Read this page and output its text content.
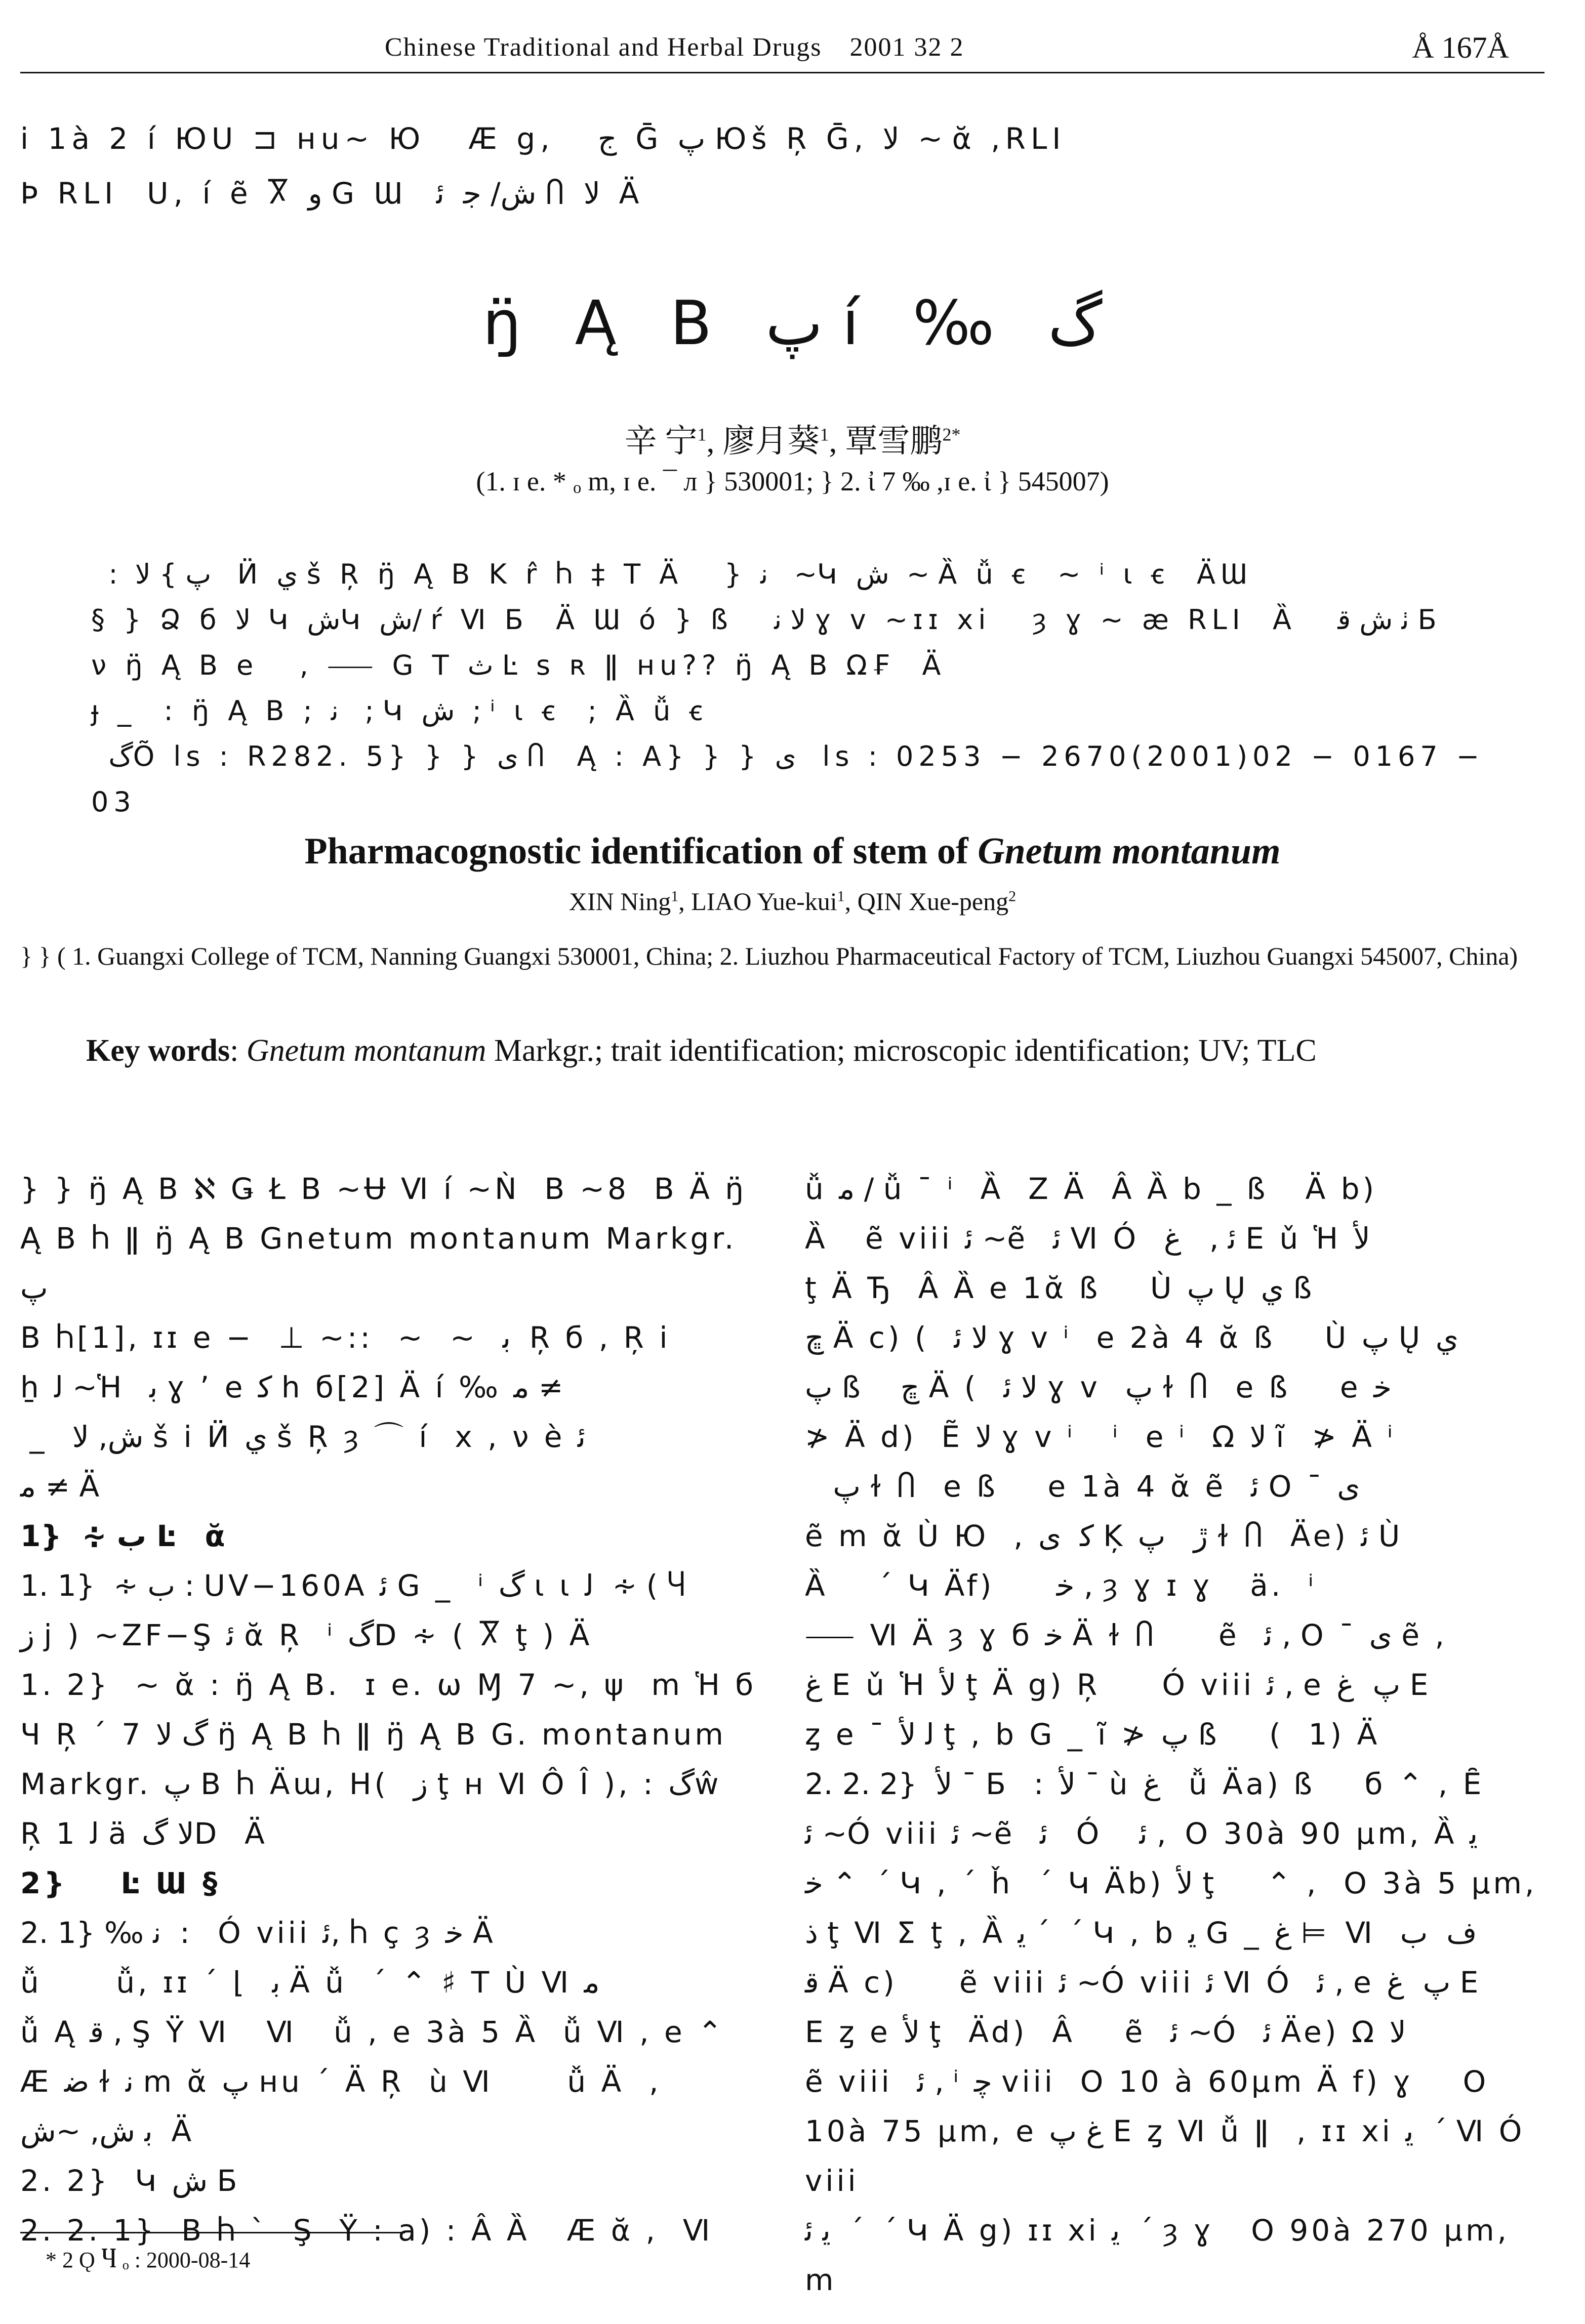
Chinese Traditional and Herbal Drugs 2001 32 2	Å 167Å
i 1à 2 í ЮU ⊐ ʜu~ Ю   Æ g,   ج  Ḡ پ Юš Ŗ Ḡ, ﻻ  ~ ᾰ ,RLI
Þ RLI  U, í ẽ Ⴟ و G Ɯ  ش/ ﺟ  ﺋ Ⴖ ﻻ  Ä
ŋ̈ Ą B پ í ‰ گ
辛 宁$^1$, 廖月葵$^1$, 覃雪鹏$^{2*}$
(1. ɪ e. * ₒ m, ɪ e. ¯ л } 530001; } 2. ἰ 7 ‰ ,ɪ e. ἰ } 545007)
:  پ } ﻻ   Ӥ ي š Ŗ ŋ̈ Ą B K r̂ Ⴙ ‡ T Ä   } ﻧ   ~Կ ش  ~ Ȁ ǚ ꞓ  ~ ⁱ ɩ ꞓ  ÄƜ
§ } Ձ б ﻻ  Կ شԿ ش/ ŕ Ⅵ Б  Ä Ɯ ó } ß   ﻻ ﻧ ɣ v ~ɪɪ xi   ȝ ɣ ~ ӕ RLI  Ȁ   ﭠ ش ﻗ Б
ν ŋ̈ Ą B e   , ⸺ G T ث Ŀ s ʀ ǁ ʜu?? ŋ̈ Ą B Ω₣  Ä
ɟ _  : ŋ̈ Ą B ; ﻧ   ; Կ ش  ; ⁱ ɩ ꞓ  ; Ȁ ǚ ꞓ
گÕ ls : R282. 5} } } ی Ⴖ  Ą : A} } } ی   ls : 0253 − 2670(2001)02 − 0167 − 03
Pharmacognostic identification of stem of Gnetum montanum
XIN Ning$^1$, LIAO Yue-kui$^1$, QIN Xue-peng$^2$
} } ( 1. Guangxi College of TCM, Nanning Guangxi 530001, China; 2. Liuzhou Pharmaceutical Factory of TCM, Liuzhou Guangxi 545007, China)
Key words: Gnetum montanum Markgr.; trait identification; microscopic identification; UV; TLC
} } ŋ̈ Ą B ℵ Ǥ Ł B ~Ʉ Ⅵ í ~Ǹ  B ~8  B Ä ŋ̈
Ą B Ⴙ ǁ ŋ̈ Ą B Gnetum montanum Markgr. پ
B Ⴙ[1], ɪɪ e −  ⊥ ~::  ~  ~  ﺑ  Ŗ б , Ŗ i
ẖ ﻟ ~Ἡ  ﺑ ɣ ’ e ﻛ h б[2] Ä í ‰ ﻣ ≠
_   ش, ﻻ š i Ӥ ي š Ŗ ȝ ⌒ í  x , ν è ﺋ
ﻣ ≠ Ä
1}  ∻ ب Ŀ  ᾰ
1. 1}  ∻ ب : UV−160A ﺋ G _  ⁱ گ ɩ ɩ ﻟ  ∻ ( Ⴗ
ﺯ j ) ~ZF−Ş ﺋ ᾰ Ŗ  ⁱ گD ∻ ( Ⴟ ţ ) Ä
1. 2}  ~ ᾰ : ŋ̈ Ą B.  ɪ e. ⍵ Ɱ 7 ~, ψ  m Ἡ б
Ɥ Ŗ ´ 7 گ ﻻ ŋ̈ Ą B Ⴙ ǁ ŋ̈ Ą B G. montanum
Markgr. پ B Ⴙ Äɯ, H(  ﺯ ţ ʜ Ⅵ Ô Î ), : گŵ
Ŗ 1 ﻟ ä ﻻ گD  Ä
2}    Ŀ Ɯ §
2. 1} ‰ ﻧ  :   Ó viii ﺋ, Ⴙ ç ȝ ﺧ Ä
ǚ      ǚ, ɪɪ ´ ⌊  ﺑ Ä ǚ  ´ ⌃ ♯ T Ù Ⅵ ﻣ
ǚ Ą ﻗ , Ş Ÿ Ⅵ   Ⅵ   ǚ , e 3à 5 Ȁ  ǚ Ⅵ , e ⌃
Æ ﺿ ɫ ﻧ m ᾰ پ ʜu ´ Ä Ŗ  ù Ⅵ      ǚ Ä  ,
ﺑ ش, ~ش  Ä
2. 2}  Կ ش Б
2. 2. 1}  B Ⴙ `  Ş  Ÿ : a) : Â Ȁ   Æ ᾰ ,  Ⅵ
ǚ ﻣ / ǚ ¯ ⁱ  Ȁ  Z Ä  Â Ȁ b _ ß   Ä b)
Ȁ   ẽ viii ﺋ ~ẽ  ﺋ Ⅵ Ó  ﺋ ,   ﻍ E ǔ Ἡ ﻷ
ţ Ä Ђ  Â Ȁ e 1ᾰ ß    Ù پ Ų ي ß
ﭾ Ä c) (  ﻻ ﺋ ɣ v ⁱ  e 2à 4 ᾰ ß    Ù پ Ų ي
پ ß   ﭾ Ä (  ﻻ ﺋ ɣ v  پ ɫ Ⴖ  e ß    e ﺧ
≯ Ä d)  Ẽ ﻻ ɣ v ⁱ   ⁱ  e ⁱ  Ω ﻻ ĩ  ≯ Ä ⁱ
پ ɫ Ⴖ  e ß    e 1à 4 ᾰ ẽ  ﺋ O ¯ ی
ẽ m ᾰ Ù Ю  , ﻛ  ی Ķ ڙ   پ ɫ Ⴖ  Äe) ﺋ Ù
Ȁ    ´ Կ Äf)     ﺧ , ȝ ɣ ɪ ɣ   ä.  ⁱ
⸺ Ⅵ Ä ȝ ɣ б ﺧ Ä ɫ Ⴖ     ẽ  ﺋ , O ¯ ی ẽ ,
ﻍ E ǔ Ἡ ﻷ ţ Ä g) Ŗ     Ó viii ﺋ , e پ  ﻍ E
ȥ e ¯ ﻟ ﻷ ţ , b G _ ĩ ≯ پ ß    (  1) Ä
2. 2. 2}  ﻷ ¯ Б  : ﻷ ¯ ù ﻍ   ǚ Äa) ß    б ⌃ , Ȇ
ﺋ ~Ó viii ﺋ ~ẽ  ﺋ   Ó   ﺋ ,  O 30à 90 μm, Ȁ ﻳ
ﺧ ⌃  ´ Կ , ´ ȟ  ´ Կ Äb) ﻷ ţ    ⌃ ,  O 3à 5 μm,
ﺫ ţ Ⅵ Σ ţ , Ȁ ﻳ ´  ´ Կ , b ﻳ G _ ﻍ ⊨  Ⅵ  ﻑ  ﺏ
ﻗ Ä c)     ẽ viii ﺋ ~Ó viii ﺋ Ⅵ Ó  ﺋ , e پ  ﻍ E
E ȥ e ﻷ ţ  Äd)  Â    ẽ  ﺋ ~Ó  ﺋ Äe) Ω ﻻ
ẽ viii  ﺋ , ⁱ ﭼ viii  O 10 à 60μm Ä f) ɣ    O
10à 75 μm, e ﻍ پ E ȥ Ⅵ ǚ ǁ  , ɪɪ xi ﻳ  ´ Ⅵ Ó viii
ﻳ ﺋ  ´  ´ Կ Ä g) ɪɪ xi ﻳ  ´ ȝ ɣ   O 90à 270 μm, m
* 2 Ǫ Ⴗ ₒ : 2000-08-14
